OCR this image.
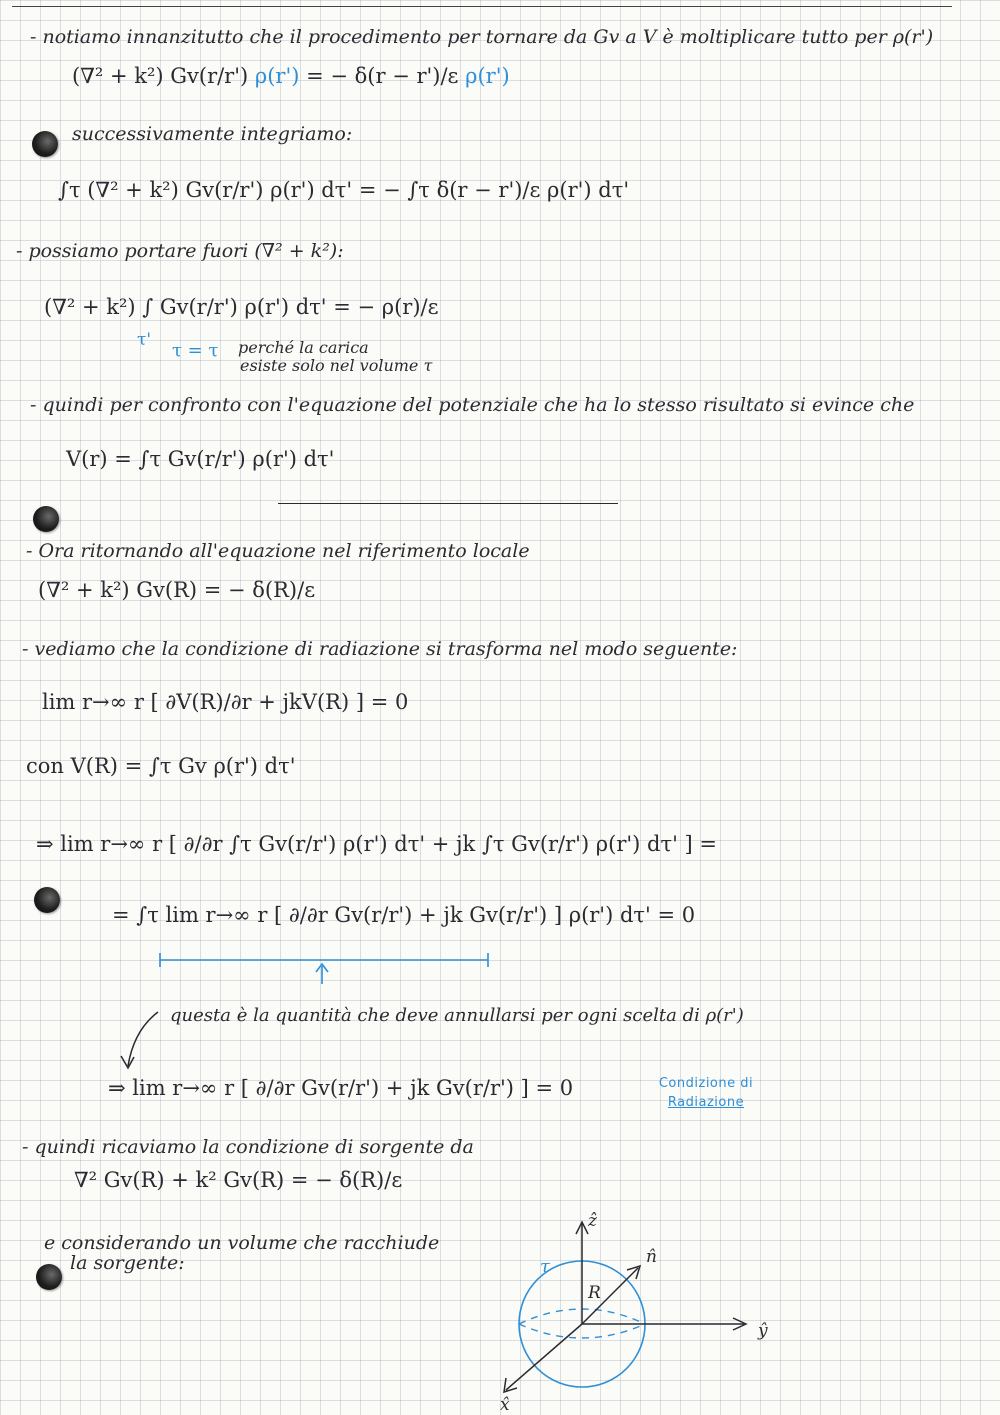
- notiamo innanzitutto che il procedimento per tornare da Gv a V è moltiplicare tutto per ρ(r')
(∇² + k²) Gv(r/r') ρ(r') = − δ(r − r')/ε ρ(r')
successivamente integriamo:
∫τ (∇² + k²) Gv(r/r') ρ(r') dτ' = − ∫τ δ(r − r')/ε ρ(r') dτ'
- possiamo portare fuori (∇² + k²):
(∇² + k²) ∫ Gv(r/r') ρ(r') dτ' = − ρ(r)/ε
τ' τ = τ perché la carica
esiste solo nel volume τ
- quindi per confronto con l'equazione del potenziale che ha lo stesso risultato si evince che
V(r) = ∫τ Gv(r/r') ρ(r') dτ'
- Ora ritornando all'equazione nel riferimento locale
(∇² + k²) Gv(R) = − δ(R)/ε
- vediamo che la condizione di radiazione si trasforma nel modo seguente:
lim r→∞ r [ ∂V(R)/∂r + jkV(R) ] = 0
con V(R) = ∫τ Gv ρ(r') dτ'
⇒ lim r→∞ r [ ∂/∂r ∫τ Gv(r/r') ρ(r') dτ' + jk ∫τ Gv(r/r') ρ(r') dτ' ] =
= ∫τ lim r→∞ r [ ∂/∂r Gv(r/r') + jk Gv(r/r') ] ρ(r') dτ' = 0
questa è la quantità che deve annullarsi per ogni scelta di ρ(r')
⇒ lim r→∞ r [ ∂/∂r Gv(r/r') + jk Gv(r/r') ] = 0	Condizione di
Radiazione
- quindi ricaviamo la condizione di sorgente da
∇² Gv(R) + k² Gv(R) = − δ(R)/ε
e considerando un volume che racchiude
la sorgente:
ẑ
ŷ
x̂
n̂
τ
R
